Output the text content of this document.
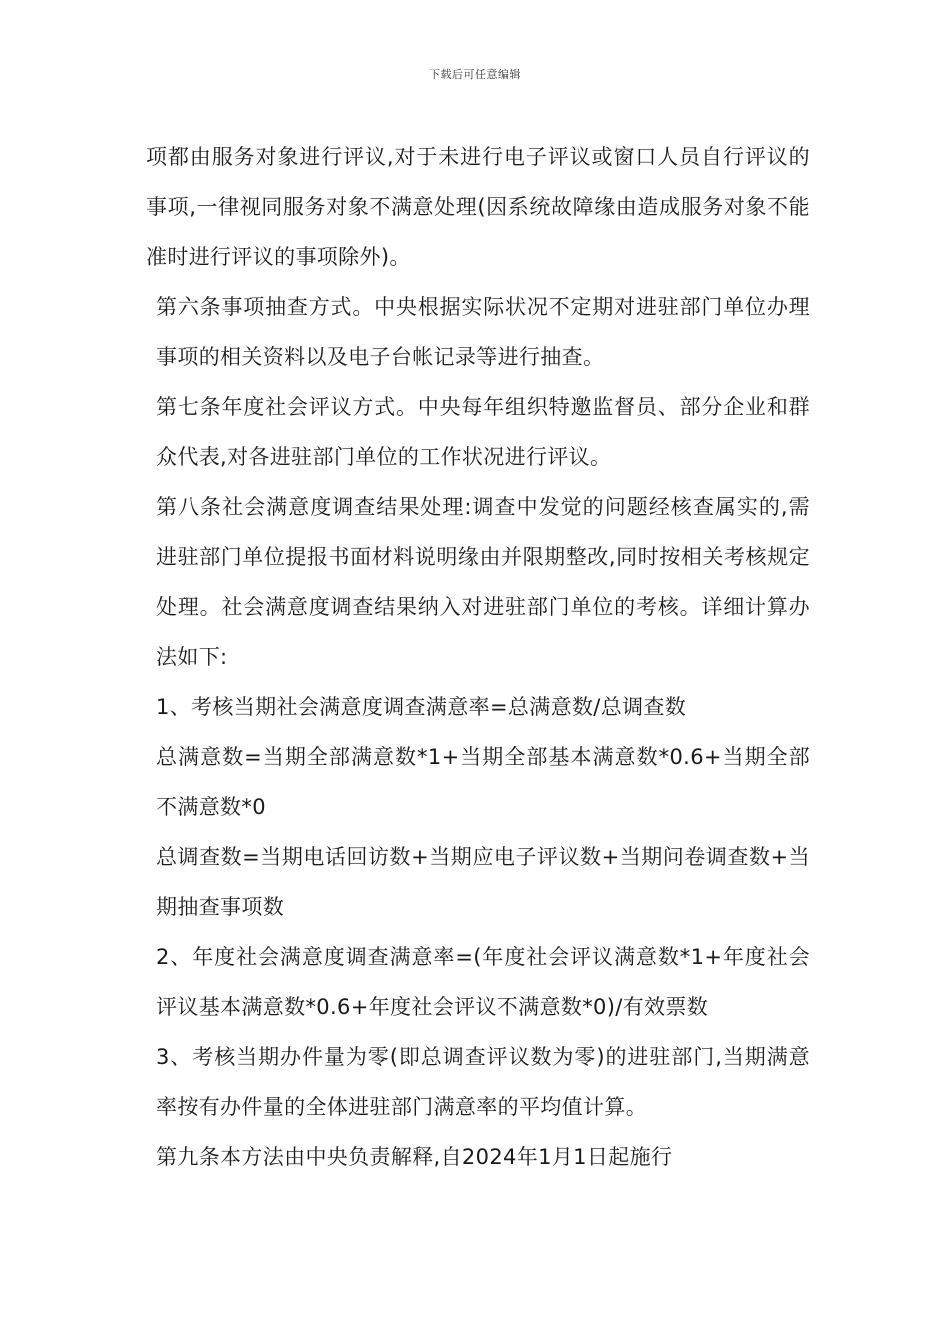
下载后可任意编辑

项都由服务对象进行评议,对于未进行电子评议或窗口人员自行评议的事项,一律视同服务对象不满意处理(因系统故障缘由造成服务对象不能准时进行评议的事项除外)。

第六条事项抽查方式。中央根据实际状况不定期对进驻部门单位办理事项的相关资料以及电子台帐记录等进行抽查。

第七条年度社会评议方式。中央每年组织特邀监督员、部分企业和群众代表,对各进驻部门单位的工作状况进行评议。

第八条社会满意度调查结果处理:调查中发觉的问题经核查属实的,需进驻部门单位提报书面材料说明缘由并限期整改,同时按相关考核规定处理。社会满意度调查结果纳入对进驻部门单位的考核。详细计算办法如下:

1、考核当期社会满意度调查满意率=总满意数/总调查数

总满意数=当期全部满意数*1+当期全部基本满意数*0.6+当期全部不满意数*0

总调查数=当期电话回访数+当期应电子评议数+当期问卷调查数+当期抽查事项数

2、年度社会满意度调查满意率=(年度社会评议满意数*1+年度社会评议基本满意数*0.6+年度社会评议不满意数*0)/有效票数

3、考核当期办件量为零(即总调查评议数为零)的进驻部门,当期满意率按有办件量的全体进驻部门满意率的平均值计算。

第九条本方法由中央负责解释,自2024年1月1日起施行
